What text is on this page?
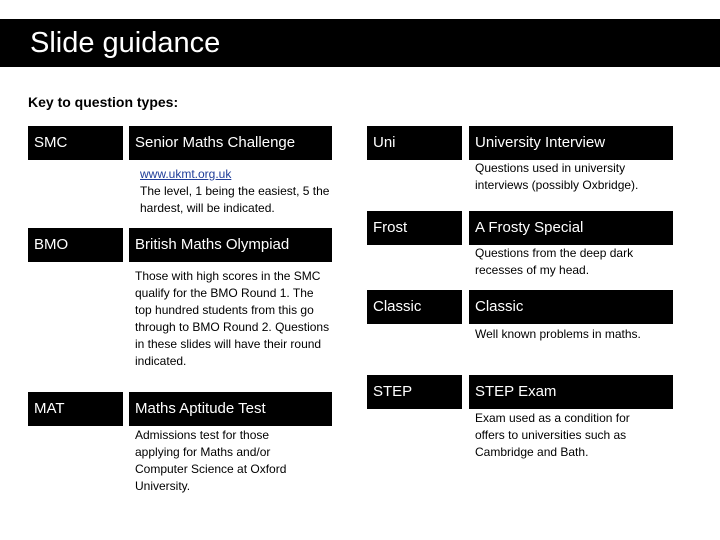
Slide guidance
Key to question types:
SMC	Senior Maths Challenge
www.ukmt.org.uk
The level, 1 being the easiest, 5 the hardest, will be indicated.
BMO	British Maths Olympiad
Those with high scores in the SMC qualify for the BMO Round 1. The top hundred students from this go through to BMO Round 2. Questions in these slides will have their round indicated.
MAT	Maths Aptitude Test
Admissions test for those applying for Maths and/or Computer Science at Oxford University.
Uni	University Interview
Questions used in university interviews (possibly Oxbridge).
Frost	A Frosty Special
Questions from the deep dark recesses of my head.
Classic	Classic
Well known problems in maths.
STEP	STEP Exam
Exam used as a condition for offers to universities such as Cambridge and Bath.
